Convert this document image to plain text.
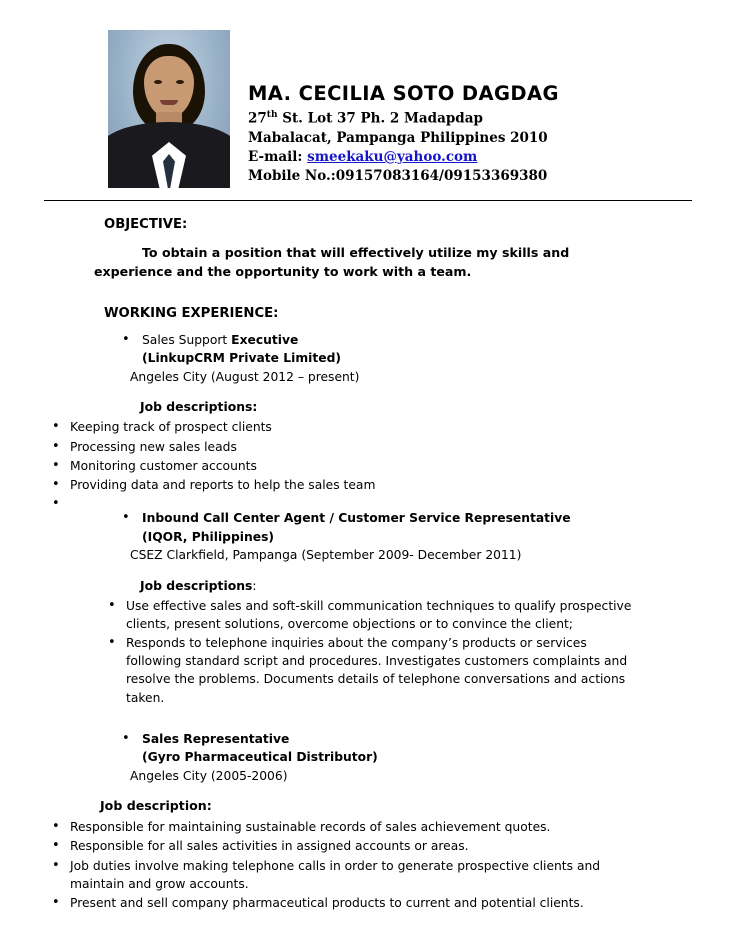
MA. CECILIA SOTO DAGDAG
27th St. Lot 37 Ph. 2 Madapdap
Mabalacat, Pampanga Philippines 2010
E-mail: smeekaku@yahoo.com
Mobile No.:09157083164/09153369380
OBJECTIVE:
To obtain a position that will effectively utilize my skills and experience and the opportunity to work with a team.
WORKING EXPERIENCE:
• Sales Support Executive
(LinkupCRM Private Limited)
Angeles City (August 2012 – present)
Job descriptions:
• Keeping track of prospect clients
• Processing new sales leads
• Monitoring customer accounts
• Providing data and reports to help the sales team
• Inbound Call Center Agent / Customer Service Representative
(IQOR, Philippines)
CSEZ Clarkfield, Pampanga (September 2009- December 2011)
Job descriptions:
• Use effective sales and soft-skill communication techniques to qualify prospective clients, present solutions, overcome objections or to convince the client;
• Responds to telephone inquiries about the company’s products or services following standard script and procedures. Investigates customers complaints and resolve the problems. Documents details of telephone conversations and actions taken.
• Sales Representative
(Gyro Pharmaceutical Distributor)
Angeles City (2005-2006)
Job description:
• Responsible for maintaining sustainable records of sales achievement quotes.
• Responsible for all sales activities in assigned accounts or areas.
• Job duties involve making telephone calls in order to generate prospective clients and maintain and grow accounts.
• Present and sell company pharmaceutical products to current and potential clients.
